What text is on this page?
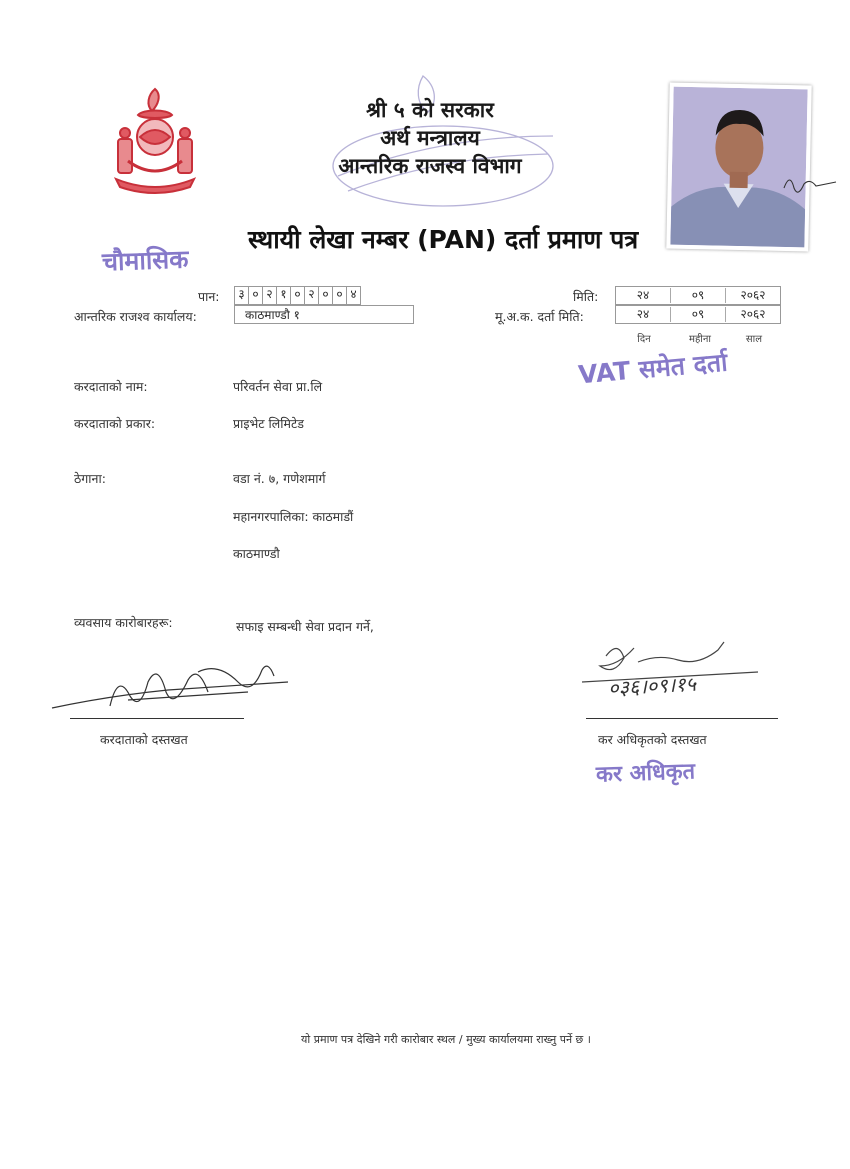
श्री ५ को सरकार
अर्थ मन्त्रालय
आन्तरिक राजस्व विभाग
स्थायी लेखा नम्बर (PAN) दर्ता प्रमाण पत्र
चौमासिक
पान: ३ ० २ १ ० २ ० ० ४
आन्तरिक राजश्व कार्यालय:	काठमाण्डौ १
मिति:	२४	०९	२०६२
मू.अ.क. दर्ता मिति:	२४	०९	२०६२
दिन	महीना	साल
VAT समेत दर्ता
करदाताको नाम:	परिवर्तन सेवा प्रा.लि
करदाताको प्रकार:	प्राइभेट लिमिटेड
ठेगाना:	वडा नं. ७, गणेशमार्ग
महानगरपालिका: काठमाडौं
काठमाण्डौ
व्यवसाय कारोबारहरू:	सफाइ सम्बन्धी सेवा प्रदान गर्ने,
करदाताको दस्तखत
०३६।०९।१५
कर अधिकृतको दस्तखत
कर अधिकृत
यो प्रमाण पत्र देखिने गरी कारोबार स्थल / मुख्य कार्यालयमा राख्नु पर्ने छ ।
